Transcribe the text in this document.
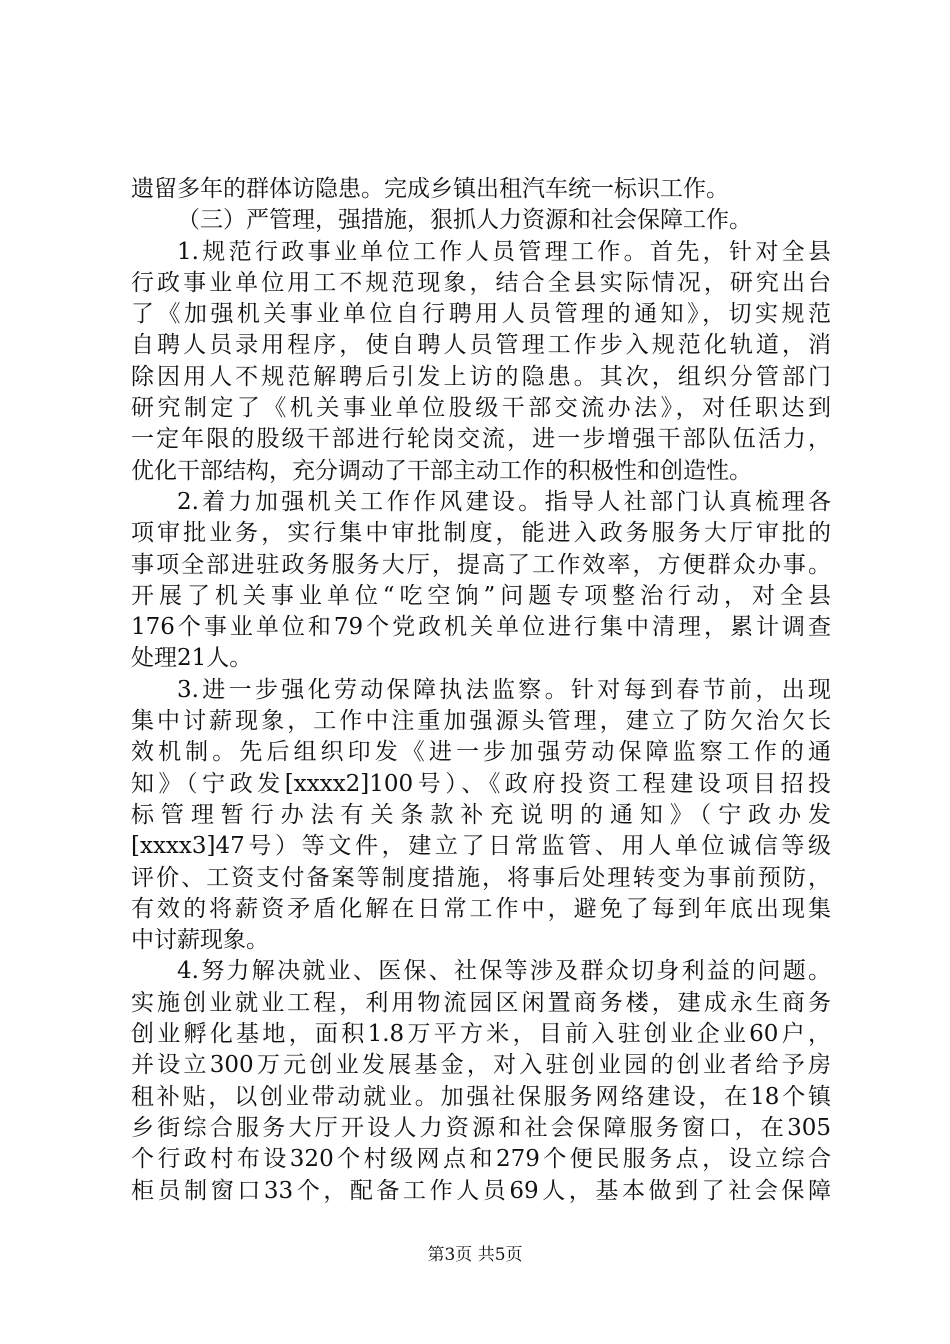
遗留多年的群体访隐患。完成乡镇出租汽车统一标识工作。
（三）严管理，强措施，狠抓人力资源和社会保障工作。
1.规范行政事业单位工作人员管理工作。首先，针对全县
行政事业单位用工不规范现象，结合全县实际情况，研究出台
了《加强机关事业单位自行聘用人员管理的通知》，切实规范
自聘人员录用程序，使自聘人员管理工作步入规范化轨道，消
除因用人不规范解聘后引发上访的隐患。其次，组织分管部门
研究制定了《机关事业单位股级干部交流办法》，对任职达到
一定年限的股级干部进行轮岗交流，进一步增强干部队伍活力，
优化干部结构，充分调动了干部主动工作的积极性和创造性。
2.着力加强机关工作作风建设。指导人社部门认真梳理各
项审批业务，实行集中审批制度，能进入政务服务大厅审批的
事项全部进驻政务服务大厅，提高了工作效率，方便群众办事。
开展了机关事业单位“吃空饷”问题专项整治行动，对全县
176个事业单位和79个党政机关单位进行集中清理，累计调查
处理21人。
3.进一步强化劳动保障执法监察。针对每到春节前，出现
集中讨薪现象，工作中注重加强源头管理，建立了防欠治欠长
效机制。先后组织印发《进一步加强劳动保障监察工作的通
知》（宁政发[xxxx2]100号）、《政府投资工程建设项目招投
标管理暂行办法有关条款补充说明的通知》（宁政办发
[xxxx3]47号）等文件，建立了日常监管、用人单位诚信等级
评价、工资支付备案等制度措施，将事后处理转变为事前预防，
有效的将薪资矛盾化解在日常工作中，避免了每到年底出现集
中讨薪现象。
4.努力解决就业、医保、社保等涉及群众切身利益的问题。
实施创业就业工程，利用物流园区闲置商务楼，建成永生商务
创业孵化基地，面积1.8万平方米，目前入驻创业企业60户，
并设立300万元创业发展基金，对入驻创业园的创业者给予房
租补贴，以创业带动就业。加强社保服务网络建设，在18个镇
乡街综合服务大厅开设人力资源和社会保障服务窗口，在305
个行政村布设320个村级网点和279个便民服务点，设立综合
柜员制窗口33个，配备工作人员69人，基本做到了社会保障
第3页 共5页
